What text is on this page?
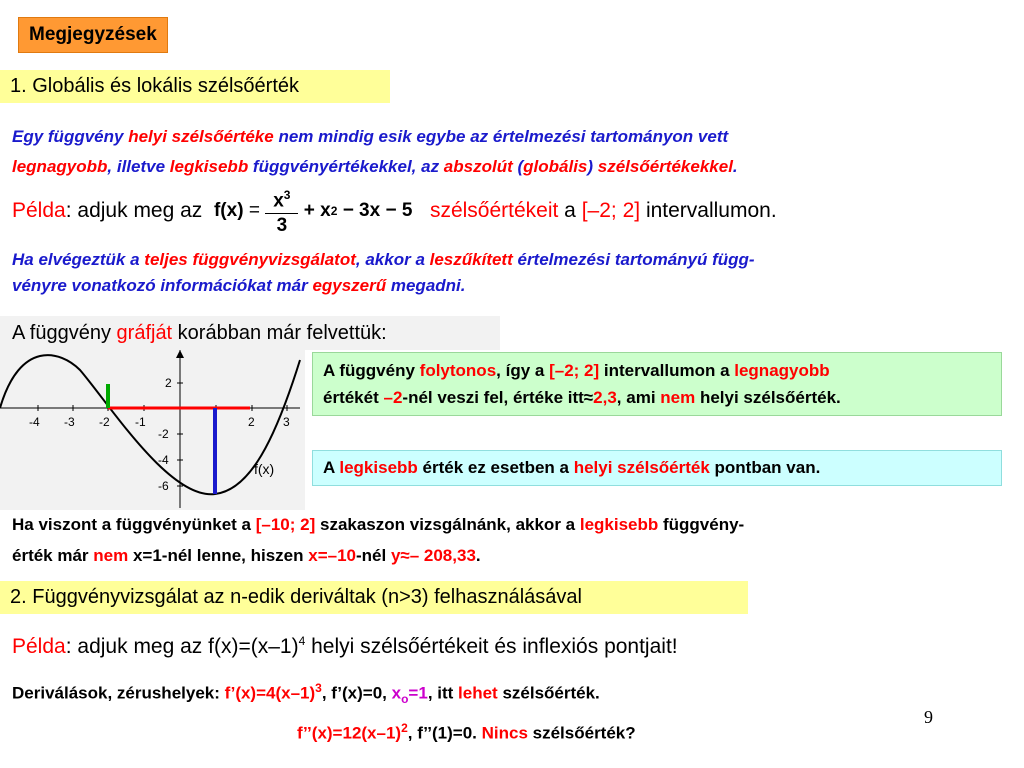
Megjegyzések
1. Globális és lokális szélsőérték
Egy függvény helyi szélsőértéke nem mindig esik egybe az értelmezési tartományon vett
legnagyobb, illetve legkisebb függvényértékekkel, az abszolút (globális) szélsőértékekkel.
Példa :
adjuk meg az
f(x)
=
$\frac{x^3}{3}$
+ x 2
− 3x − 5
szélsőértékeit
a
[–2; 2]
intervallumon.
Ha elvégeztük a teljes függvényvizsgálatot, akkor a leszűkített értelmezési tartományú függ-
vényre vonatkozó információkat már egyszerű megadni.
A függvény gráfját korábban már felvettük:
-4 -3 -2 -1	2 3
2
-2
-4
-6
f(x)
A függvény folytonos, így a [–2; 2] intervallumon a legnagyobb
értékét –2-nél veszi fel, értéke itt≈2,3, ami nem helyi szélsőérték.
A legkisebb érték ez esetben a helyi szélsőérték pontban van.
Ha viszont a függvényünket a [–10; 2] szakaszon vizsgálnánk, akkor a legkisebb függvény-
érték már nem x=1-nél lenne, hiszen x=–10-nél y≈– 208,33.
2. Függvényvizsgálat az n-edik deriváltak (n>3) felhasználásával
Példa: adjuk meg az $f(x)=(x-1)^4$ helyi szélsőértékeit és inflexiós pontjait!
Deriválások, zérushelyek: $f’(x)=4(x-1)^3$, f’(x)=0, $x_o=1$, itt lehet szélsőérték.
$f’’(x)=12(x-1)^2$, f’’(1)=0. Nincs szélsőérték?
9
